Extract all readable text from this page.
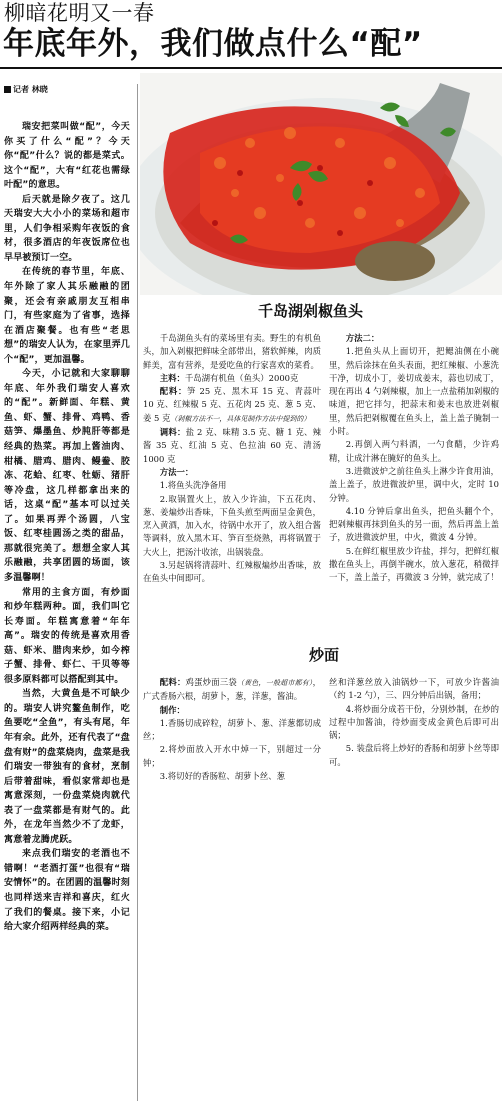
柳暗花明又一春
年底年外，我们做点什么“配”
记者 林晓

瑞安把菜叫做“配”，今天你买了什么“配”？今天你“配”什么？说的都是菜式。这个“配”，大有“红花也需绿叶配”的意思。

后天就是除夕夜了。这几天瑞安大大小小的菜场和超市里，人们争相采购年夜饭的食材，很多酒店的年夜饭席位也早早被预订一空。

在传统的春节里，年底、年外除了家人其乐融融的团聚，还会有亲戚朋友互相串门，有些家庭为了省事，选择在酒店聚餐。也有些“老思想”的瑞安人认为，在家里弄几个“配”，更加温馨。

今天，小记就和大家聊聊年底、年外我们瑞安人喜欢的“配”。新鲜面、年糕、黄鱼、虾、蟹、排骨、鸡鸭、香菇笋、爆墨鱼、炒肫肝等都是经典的热菜。再加上酱油肉、柑橘、腊鸡、腊肉、鳗鲞、胶冻、花蛤、红枣、牡蛎、猪肝等冷盘，这几样都拿出来的话，这桌“配”基本可以过关了。如果再弄个汤圆，八宝饭、红枣桂圆汤之类的甜品，那就很完美了。想想全家人其乐融融，共享团圆的场面，该多温馨啊！

常用的主食方面，有炒面和炒年糕两种。面，我们叫它长寿面。年糕寓意着“年年高”。瑞安的传统是喜欢用香菇、虾米、腊肉来炒，如今榨子蟹、排骨、虾仁、干贝等等很多原料都可以搭配到其中。

当然，大黄鱼是不可缺少的。瑞安人讲究鳌鱼制作，吃鱼要吃“全鱼”，有头有尾，年年有余。此外，还有代表了“盘盘有财”的盘菜烧肉，盘菜是我们瑞安一带独有的食材，烹制后带着甜味，看似家常却也是寓意深刻，一份盘菜烧肉就代表了一盘菜都是有财气的。此外，在龙年当然少不了龙虾，寓意着龙腾虎跃。

来点我们瑞安的老酒也不错啊！“老酒打蛋”也很有“瑞安情怀”的。在团圆的温馨时刻也同样送来吉祥和喜庆，红火了我们的餐桌。接下来，小记给大家介绍两样经典的菜。

千岛湖剁椒鱼头

千岛湖鱼头有的菜场里有卖。野生的有机鱼头，加入剁椒把鲜味全部带出，猪软鲜辣，肉质鲜美，富有营养，是爱吃鱼的行家喜欢的菜肴。

主料：千岛湖有机鱼（鱼头）2000克

配料：笋 25 克、黑木耳 15 克、青蒜叶 10 克、红辣椒 5 克、五花肉 25 克、葱 5 克、姜 5 克（剁椒方法不一，具体见制作方法中提到的）

调料：盐 2 克、味精 3.5 克、糖 1 克、辣酱 35 克、红油 5 克、色拉油 60 克、清汤 1000 克

方法一：

1.将鱼头洗净备用

2.取锅置火上，放入少许油，下五花肉、葱、姜煸炒出香味，下鱼头煎至两面呈金黄色，烹入黄酒，加入水，待锅中水开了，放入组合酱等调料，放入黑木耳、笋百至烧熟，再将锅置于大火上，把汤汁收浓，出锅装盘。

3.另起锅将清蒜叶、红辣椒煸炒出香味，放在鱼头中间即可。

方法二：

1.把鱼头从上面切开，把鳃油侧在小碗里，然后涂抹在鱼头表面，把红辣椒、小葱洗干净，切成小丁，姜切成姜末，蒜也切成丁，现在再出 4 勺剁辣椒，加上一点盐稍加剁椒的味道，把它拌匀，把蒜末和姜末也放进剁椒里，然后把剁椒覆在鱼头上，盖上盖子腌制一小时。

2.再倒入两勺料酒，一勺食醋，少许鸡精，让成汁淋在腌好的鱼头上。

3.进微波炉之前往鱼头上淋少许食用油，盖上盖子，放进微波炉里，调中火，定时 10 分钟。

4.10 分钟后拿出鱼头，把鱼头翻个个，把剁辣椒再抹到鱼头的另一面，然后再盖上盖子，放进微波炉里，中火，微波 4 分钟。

5.在鲜红椒里放少许盐，拌匀，把鲜红椒撒在鱼头上，再倒半碗水，放入葱花，稍微拌一下，盖上盖子，再微波 3 分钟，就完成了！

炒面

配料：鸡蛋炒面三袋（黄色，一般超市都有），广式香肠六根，胡萝卜，葱，洋葱，酱油。

制作：

1.香肠切成碎粒，胡萝卜、葱、洋葱都切成丝；

2.将炒面放入开水中焯一下，别超过一分钟；

3.将切好的香肠粒、胡萝卜丝、葱

丝和洋葱丝放入油锅炒一下，可放少许酱油（约 1-2 勺），三、四分钟后出锅，备用；

4.将炒面分成若干份，分别炒制，在炒的过程中加酱油，待炒面变成金黄色后即可出锅；

5. 装盘后将上炒好的香肠和胡萝卜丝等即可。
